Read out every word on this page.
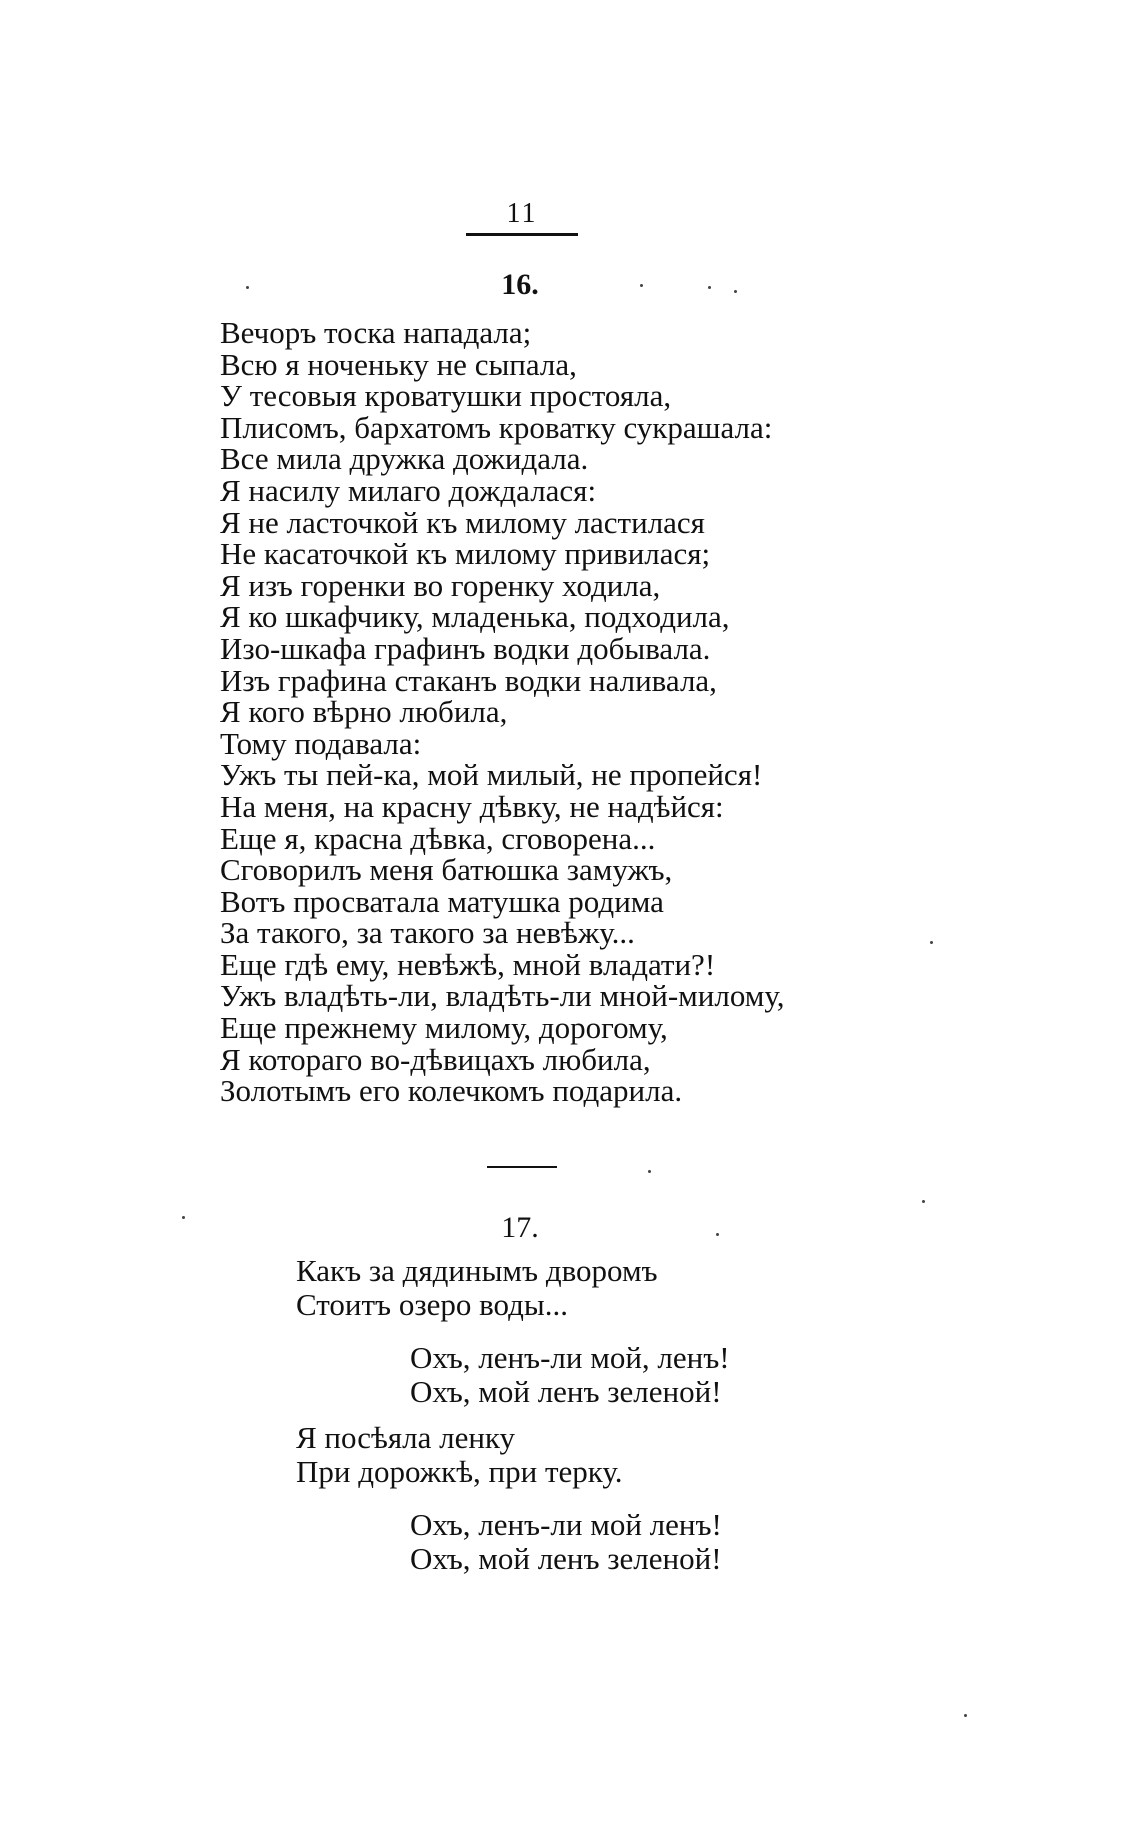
11
16.
Вечоръ тоска нападала;
Всю я ноченьку не сыпала,
У тесовыя кроватушки простояла,
Плисомъ, бархатомъ кроватку сукрашала:
Все мила дружка дожидала.
Я насилу милаго дождалася:
Я не ласточкой къ милому ластилася
Не касаточкой къ милому привилася;
Я изъ горенки во горенку ходила,
Я ко шкафчику, младенька, подходила,
Изо-шкафа графинъ водки добывала.
Изъ графина стаканъ водки наливала,
Я кого вѣрно любила,
Тому подавала:
Ужъ ты пей-ка, мой милый, не пропейся!
На меня, на красну дѣвку, не надѣйся:
Еще я, красна дѣвка, сговорена...
Сговорилъ меня батюшка замужъ,
Вотъ просватала матушка родима
За такого, за такого за невѣжу...
Еще гдѣ ему, невѣжѣ, мной владати?!
Ужъ владѣть-ли, владѣть-ли мной-милому,
Еще прежнему милому, дорогому,
Я котораго во-дѣвицахъ любила,
Золотымъ его колечкомъ подарила.
17.
Какъ за дядинымъ дворомъ
Стоитъ озеро воды...
Охъ, ленъ-ли мой, ленъ!
Охъ, мой ленъ зеленой!
Я посѣяла ленку
При дорожкѣ, при терку.
Охъ, ленъ-ли мой ленъ!
Охъ, мой ленъ зеленой!
